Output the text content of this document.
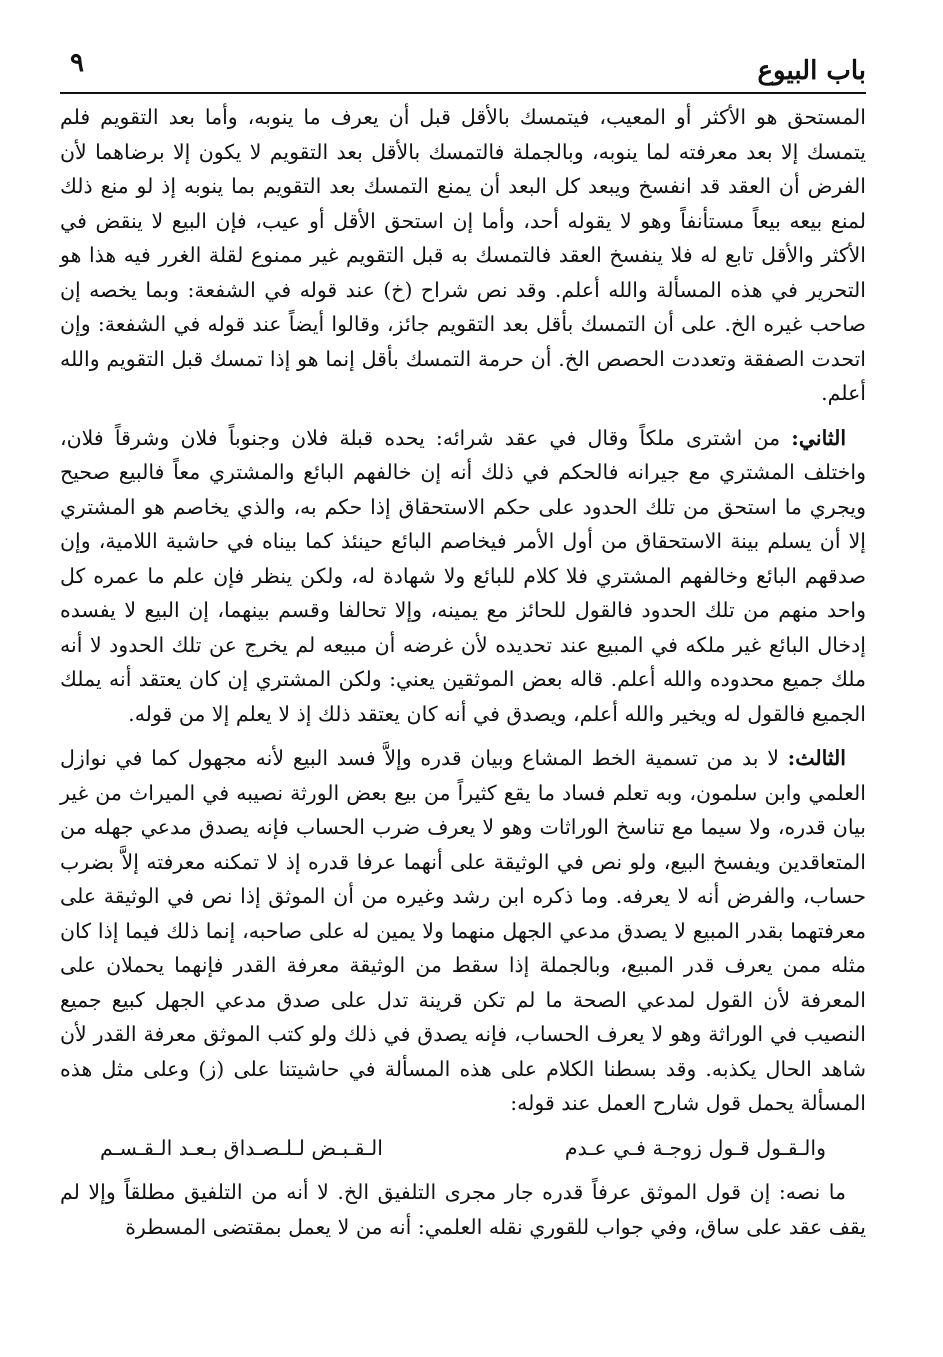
باب البيوع
٩

المستحق هو الأكثر أو المعيب، فيتمسك بالأقل قبل أن يعرف ما ينوبه، وأما بعد التقويم فلم يتمسك إلا بعد معرفته لما ينوبه، وبالجملة فالتمسك بالأقل بعد التقويم لا يكون إلا برضاهما لأن الفرض أن العقد قد انفسخ ويبعد كل البعد أن يمنع التمسك بعد التقويم بما ينوبه إذ لو منع ذلك لمنع بيعه بيعاً مستأنفاً وهو لا يقوله أحد، وأما إن استحق الأقل أو عيب، فإن البيع لا ينقض في الأكثر والأقل تابع له فلا ينفسخ العقد فالتمسك به قبل التقويم غير ممنوع لقلة الغرر فيه هذا هو التحرير في هذه المسألة والله أعلم. وقد نص شراح (خ) عند قوله في الشفعة: وبما يخصه إن صاحب غيره الخ. على أن التمسك بأقل بعد التقويم جائز، وقالوا أيضاً عند قوله في الشفعة: وإن اتحدت الصفقة وتعددت الحصص الخ. أن حرمة التمسك بأقل إنما هو إذا تمسك قبل التقويم والله أعلم.

الثاني: من اشترى ملكاً وقال في عقد شرائه: يحده قبلة فلان وجنوباً فلان وشرقاً فلان، واختلف المشتري مع جيرانه فالحكم في ذلك أنه إن خالفهم البائع والمشتري معاً فالبيع صحيح ويجري ما استحق من تلك الحدود على حكم الاستحقاق إذا حكم به، والذي يخاصم هو المشتري إلا أن يسلم بينة الاستحقاق من أول الأمر فيخاصم البائع حينئذ كما بيناه في حاشية اللامية، وإن صدقهم البائع وخالفهم المشتري فلا كلام للبائع ولا شهادة له، ولكن ينظر فإن علم ما عمره كل واحد منهم من تلك الحدود فالقول للحائز مع يمينه، وإلا تحالفا وقسم بينهما، إن البيع لا يفسده إدخال البائع غير ملكه في المبيع عند تحديده لأن غرضه أن مبيعه لم يخرج عن تلك الحدود لا أنه ملك جميع محدوده والله أعلم. قاله بعض الموثقين يعني: ولكن المشتري إن كان يعتقد أنه يملك الجميع فالقول له ويخير والله أعلم، ويصدق في أنه كان يعتقد ذلك إذ لا يعلم إلا من قوله.

الثالث: لا بد من تسمية الخط المشاع وبيان قدره وإلاَّ فسد البيع لأنه مجهول كما في نوازل العلمي وابن سلمون، وبه تعلم فساد ما يقع كثيراً من بيع بعض الورثة نصيبه في الميراث من غير بيان قدره، ولا سيما مع تناسخ الوراثات وهو لا يعرف ضرب الحساب فإنه يصدق مدعي جهله من المتعاقدين ويفسخ البيع، ولو نص في الوثيقة على أنهما عرفا قدره إذ لا تمكنه معرفته إلاَّ بضرب حساب، والفرض أنه لا يعرفه. وما ذكره ابن رشد وغيره من أن الموثق إذا نص في الوثيقة على معرفتهما بقدر المبيع لا يصدق مدعي الجهل منهما ولا يمين له على صاحبه، إنما ذلك فيما إذا كان مثله ممن يعرف قدر المبيع، وبالجملة إذا سقط من الوثيقة معرفة القدر فإنهما يحملان على المعرفة لأن القول لمدعي الصحة ما لم تكن قرينة تدل على صدق مدعي الجهل كبيع جميع النصيب في الوراثة وهو لا يعرف الحساب، فإنه يصدق في ذلك ولو كتب الموثق معرفة القدر لأن شاهد الحال يكذبه. وقد بسطنا الكلام على هذه المسألة في حاشيتنا على (ز) وعلى مثل هذه المسألة يحمل قول شارح العمل عند قوله:

والـقـول قـول زوجـة فـي عـدم
الـقـبـض لـلـصـداق بـعـد الـقـسـم

ما نصه: إن قول الموثق عرفاً قدره جار مجرى التلفيق الخ. لا أنه من التلفيق مطلقاً وإلا لم يقف عقد على ساق، وفي جواب للقوري نقله العلمي: أنه من لا يعمل بمقتضى المسطرة
